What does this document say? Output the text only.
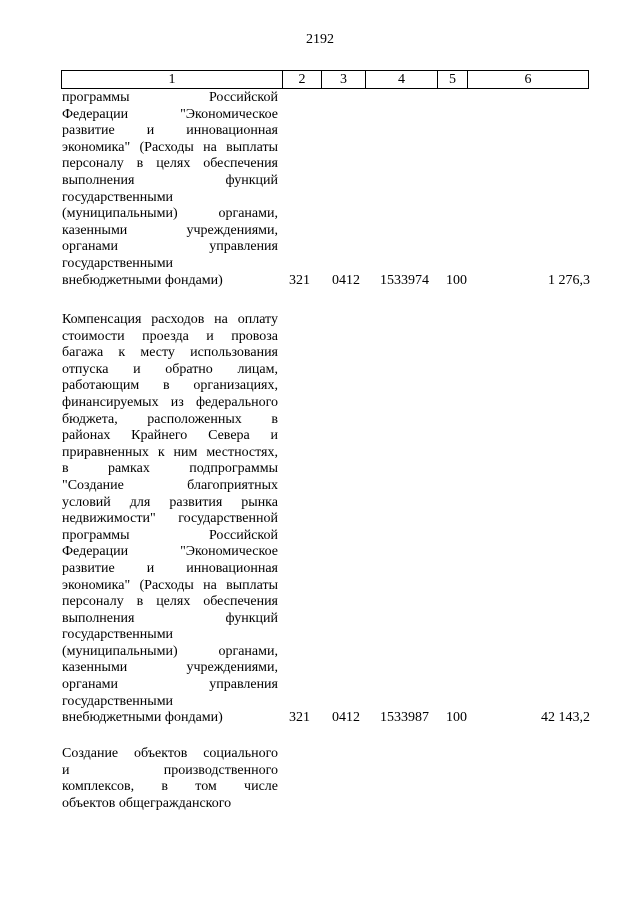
2192
1	2	3	4	5	6
программы Российской
Федерации "Экономическое
развитие и инновационная
экономика" (Расходы на выплаты
персоналу в целях обеспечения
выполнения функций
государственными
(муниципальными) органами,
казенными учреждениями,
органами управления
государственными
внебюджетными фондами)	321 0412 1533974 100	1 276,3
Компенсация расходов на оплату
стоимости проезда и провоза
багажа к месту использования
отпуска и обратно лицам,
работающим в организациях,
финансируемых из федерального
бюджета, расположенных в
районах Крайнего Севера и
приравненных к ним местностях,
в рамках подпрограммы
"Создание благоприятных
условий для развития рынка
недвижимости" государственной
программы Российской
Федерации "Экономическое
развитие и инновационная
экономика" (Расходы на выплаты
персоналу в целях обеспечения
выполнения функций
государственными
(муниципальными) органами,
казенными учреждениями,
органами управления
государственными
внебюджетными фондами)	321 0412 1533987 100	42 143,2
Создание объектов социального
и производственного
комплексов, в том числе
объектов общегражданского
